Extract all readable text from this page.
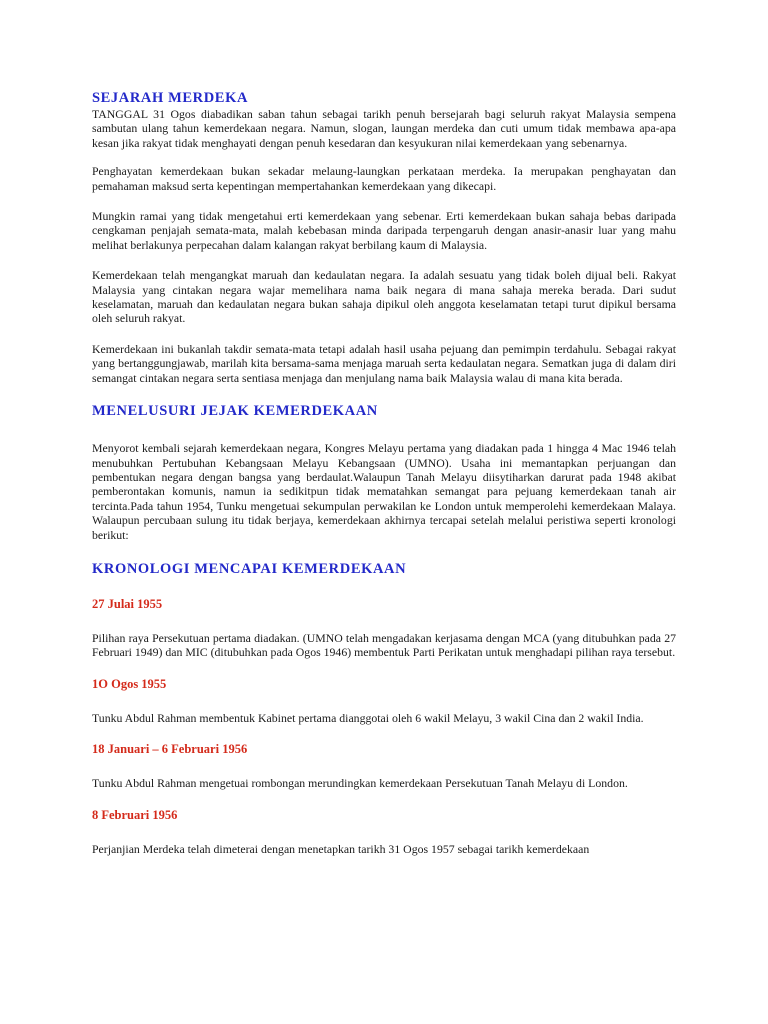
SEJARAH MERDEKA

TANGGAL 31 Ogos diabadikan saban tahun sebagai tarikh penuh bersejarah bagi seluruh rakyat Malaysia sempena sambutan ulang tahun kemerdekaan negara. Namun, slogan, laungan merdeka dan cuti umum tidak membawa apa-apa kesan jika rakyat tidak menghayati dengan penuh kesedaran dan kesyukuran nilai kemerdekaan yang sebenarnya.

Penghayatan kemerdekaan bukan sekadar melaung-laungkan perkataan merdeka. Ia merupakan penghayatan dan pemahaman maksud serta kepentingan mempertahankan kemerdekaan yang dikecapi.

Mungkin ramai yang tidak mengetahui erti kemerdekaan yang sebenar. Erti kemerdekaan bukan sahaja bebas daripada cengkaman penjajah semata-mata, malah kebebasan minda daripada terpengaruh dengan anasir-anasir luar yang mahu melihat berlakunya perpecahan dalam kalangan rakyat berbilang kaum di Malaysia.

Kemerdekaan telah mengangkat maruah dan kedaulatan negara. Ia adalah sesuatu yang tidak boleh dijual beli. Rakyat Malaysia yang cintakan negara wajar memelihara nama baik negara di mana sahaja mereka berada. Dari sudut keselamatan, maruah dan kedaulatan negara bukan sahaja dipikul oleh anggota keselamatan tetapi turut dipikul bersama oleh seluruh rakyat.

Kemerdekaan ini bukanlah takdir semata-mata tetapi adalah hasil usaha pejuang dan pemimpin terdahulu. Sebagai rakyat yang bertanggungjawab, marilah kita bersama-sama menjaga maruah serta kedaulatan negara. Sematkan juga di dalam diri semangat cintakan negara serta sentiasa menjaga dan menjulang nama baik Malaysia walau di mana kita berada.

MENELUSURI JEJAK KEMERDEKAAN

Menyorot kembali sejarah kemerdekaan negara, Kongres Melayu pertama yang diadakan pada 1 hingga 4 Mac 1946 telah menubuhkan Pertubuhan Kebangsaan Melayu Kebangsaan (UMNO). Usaha ini memantapkan perjuangan dan pembentukan negara dengan bangsa yang berdaulat.Walaupun Tanah Melayu diisytiharkan darurat pada 1948 akibat pemberontakan komunis, namun ia sedikitpun tidak mematahkan semangat para pejuang kemerdekaan tanah air tercinta.Pada tahun 1954, Tunku mengetuai sekumpulan perwakilan ke London untuk memperolehi kemerdekaan Malaya. Walaupun percubaan sulung itu tidak berjaya, kemerdekaan akhirnya tercapai setelah melalui peristiwa seperti kronologi berikut:

KRONOLOGI MENCAPAI KEMERDEKAAN
27 Julai 1955

Pilihan raya Persekutuan pertama diadakan. (UMNO telah mengadakan kerjasama dengan MCA (yang ditubuhkan pada 27 Februari 1949) dan MIC (ditubuhkan pada Ogos 1946) membentuk Parti Perikatan untuk menghadapi pilihan raya tersebut.

1O Ogos 1955

Tunku Abdul Rahman membentuk Kabinet pertama dianggotai oleh 6 wakil Melayu, 3 wakil Cina dan 2 wakil India.

18 Januari – 6 Februari 1956

Tunku Abdul Rahman mengetuai rombongan merundingkan kemerdekaan Persekutuan Tanah Melayu di London.

8 Februari 1956

Perjanjian Merdeka telah dimeterai dengan menetapkan tarikh 31 Ogos 1957 sebagai tarikh kemerdekaan
